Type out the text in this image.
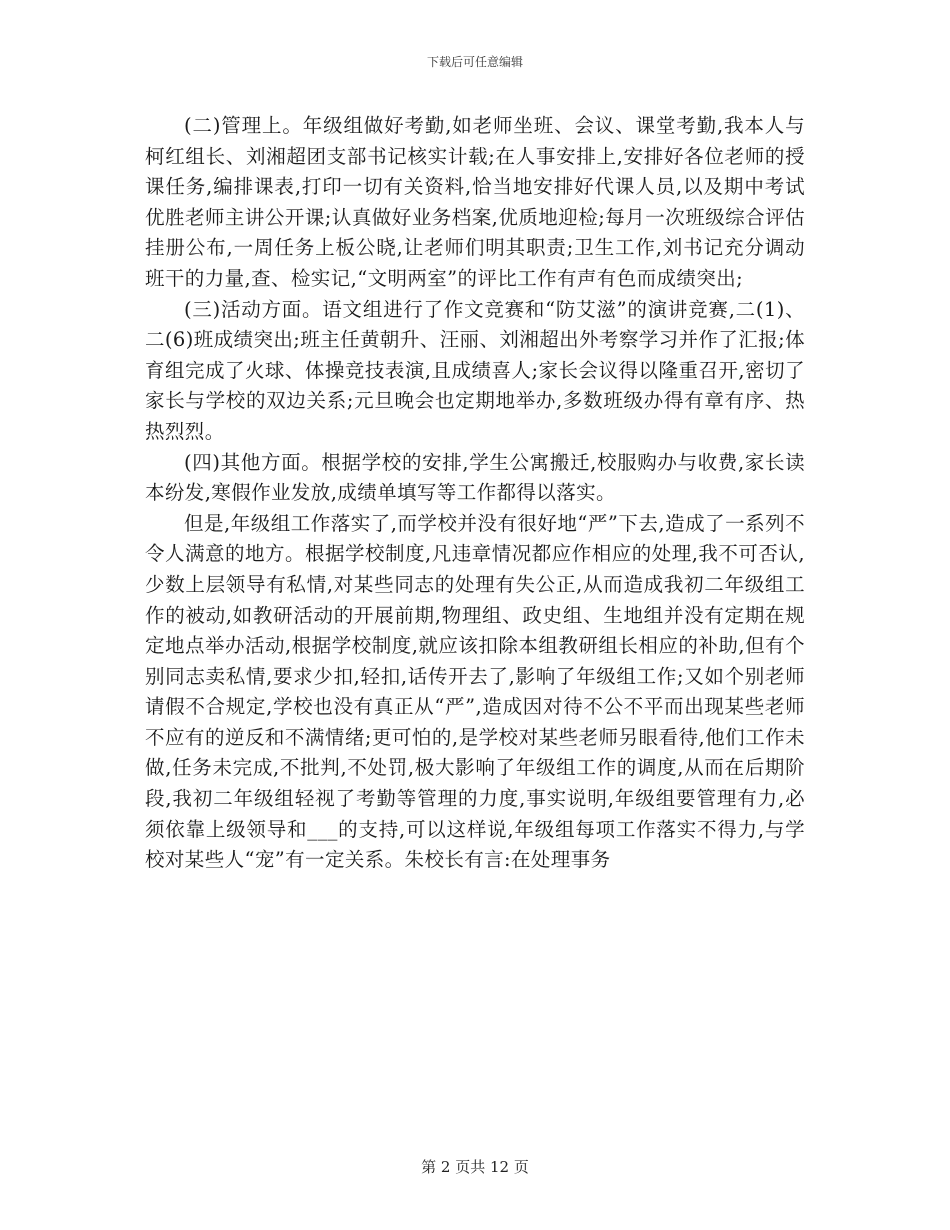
下载后可任意编辑

(二)管理上。年级组做好考勤,如老师坐班、会议、课堂考勤,我本人与柯红组长、刘湘超团支部书记核实计载;在人事安排上,安排好各位老师的授课任务,编排课表,打印一切有关资料,恰当地安排好代课人员,以及期中考试优胜老师主讲公开课;认真做好业务档案,优质地迎检;每月一次班级综合评估挂册公布,一周任务上板公晓,让老师们明其职责;卫生工作,刘书记充分调动班干的力量,查、检实记,“文明两室”的评比工作有声有色而成绩突出;

(三)活动方面。语文组进行了作文竞赛和“防艾滋”的演讲竞赛,二(1)、二(6)班成绩突出;班主任黄朝升、汪丽、刘湘超出外考察学习并作了汇报;体育组完成了火球、体操竞技表演,且成绩喜人;家长会议得以隆重召开,密切了家长与学校的双边关系;元旦晚会也定期地举办,多数班级办得有章有序、热热烈烈。

(四)其他方面。根据学校的安排,学生公寓搬迁,校服购办与收费,家长读本纷发,寒假作业发放,成绩单填写等工作都得以落实。

但是,年级组工作落实了,而学校并没有很好地“严”下去,造成了一系列不令人满意的地方。根据学校制度,凡违章情况都应作相应的处理,我不可否认,少数上层领导有私情,对某些同志的处理有失公正,从而造成我初二年级组工作的被动,如教研活动的开展前期,物理组、政史组、生地组并没有定期在规定地点举办活动,根据学校制度,就应该扣除本组教研组长相应的补助,但有个别同志卖私情,要求少扣,轻扣,话传开去了,影响了年级组工作;又如个别老师请假不合规定,学校也没有真正从“严”,造成因对待不公不平而出现某些老师不应有的逆反和不满情绪;更可怕的,是学校对某些老师另眼看待,他们工作未做,任务未完成,不批判,不处罚,极大影响了年级组工作的调度,从而在后期阶段,我初二年级组轻视了考勤等管理的力度,事实说明,年级组要管理有力,必须依靠上级领导和___的支持,可以这样说,年级组每项工作落实不得力,与学校对某些人“宠”有一定关系。朱校长有言:在处理事务

第 2 页共 12 页
